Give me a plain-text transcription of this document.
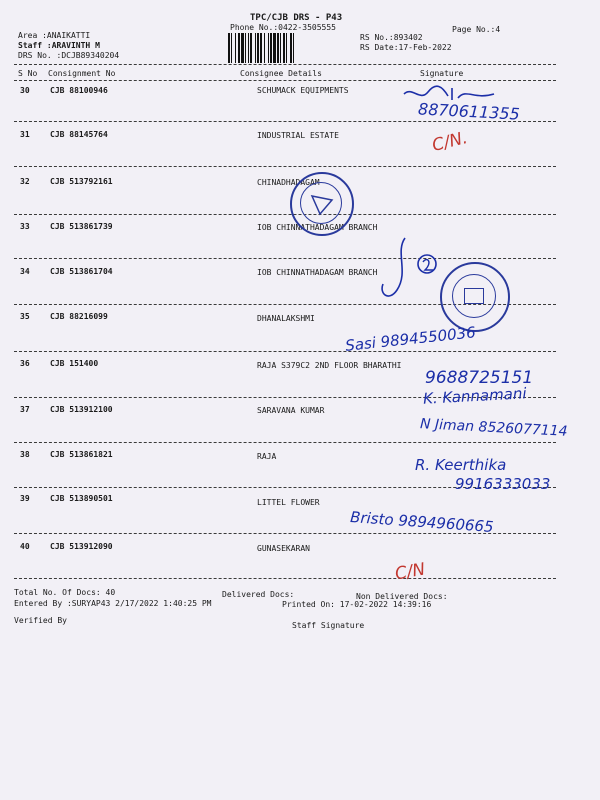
TPC/CJB DRS - P43
Phone No.:0422-3505555	Page No.:4
Area :ANAIKATTI
Staff :ARAVINTH M
DRS No. :DCJB89340204
RS No.:893402
RS Date:17-Feb-2022
S No Consignment No	Consignee Details	Signature
30	CJB 88100946	SCHUMACK EQUIPMENTS
31	CJB 88145764	INDUSTRIAL ESTATE
32	CJB 513792161	CHINADHADAGAM
33	CJB 513861739	IOB CHINNATHADAGAM BRANCH
34	CJB 513861704	IOB CHINNATHADAGAM BRANCH
35	CJB 88216099	DHANALAKSHMI
36	CJB 151400	RAJA S379C2 2ND FLOOR BHARATHI
37	CJB 513912100	SARAVANA KUMAR
38	CJB 513861821	RAJA
39	CJB 513890501	LITTEL FLOWER
40	CJB 513912090	GUNASEKARAN
8870611355
C/N.
Sasi 9894550036
9688725151
K. Kannamani
N Jiman 8526077114
R. Keerthika
9916333033
Bristo 9894960665
C/N
Total No. Of Docs: 40	Delivered Docs:	Non Delivered Docs:
Entered By :SURYAP43 2/17/2022 1:40:25 PM	Printed On: 17-02-2022 14:39:16
Verified By
Staff Signature
